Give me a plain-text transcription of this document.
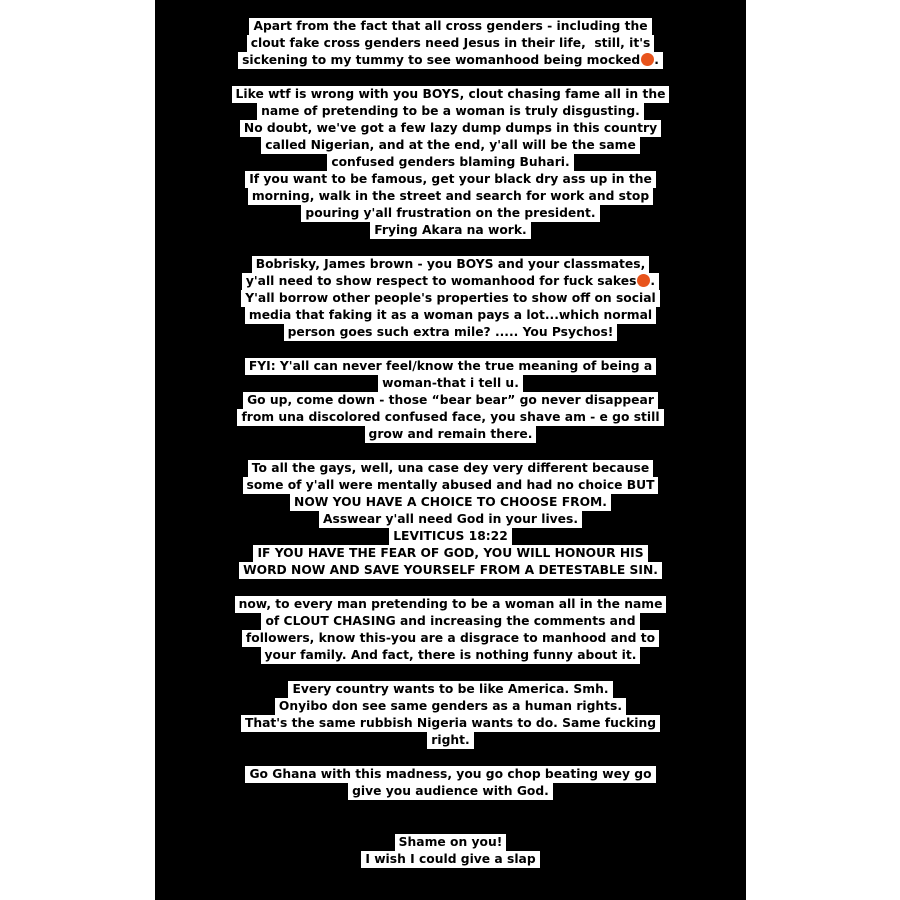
Apart from the fact that all cross genders - including the
clout fake cross genders need Jesus in their life,  still, it's
sickening to my tummy to see womanhood being mocked .
Like wtf is wrong with you BOYS, clout chasing fame all in the
name of pretending to be a woman is truly disgusting.
No doubt, we've got a few lazy dump dumps in this country
called Nigerian, and at the end, y'all will be the same
confused genders blaming Buhari.
If you want to be famous, get your black dry ass up in the
morning, walk in the street and search for work and stop
pouring y'all frustration on the president.
Frying Akara na work.
Bobrisky, James brown - you BOYS and your classmates,
y'all need to show respect to womanhood for fuck sakes .
Y'all borrow other people's properties to show off on social
media that faking it as a woman pays a lot...which normal
person goes such extra mile? ..... You Psychos!
FYI: Y'all can never feel/know the true meaning of being a
woman-that i tell u.
Go up, come down - those “bear bear” go never disappear
from una discolored confused face, you shave am - e go still
grow and remain there.
To all the gays, well, una case dey very different because
some of y'all were mentally abused and had no choice BUT
NOW YOU HAVE A CHOICE TO CHOOSE FROM.
Asswear y'all need God in your lives.
LEVITICUS 18:22
IF YOU HAVE THE FEAR OF GOD, YOU WILL HONOUR HIS
WORD NOW AND SAVE YOURSELF FROM A DETESTABLE SIN.
now, to every man pretending to be a woman all in the name
of CLOUT CHASING and increasing the comments and
followers, know this-you are a disgrace to manhood and to
your family. And fact, there is nothing funny about it.
Every country wants to be like America. Smh.
Onyibo don see same genders as a human rights.
That's the same rubbish Nigeria wants to do. Same fucking
right.
Go Ghana with this madness, you go chop beating wey go
give you audience with God.
Shame on you!
I wish I could give a slap
